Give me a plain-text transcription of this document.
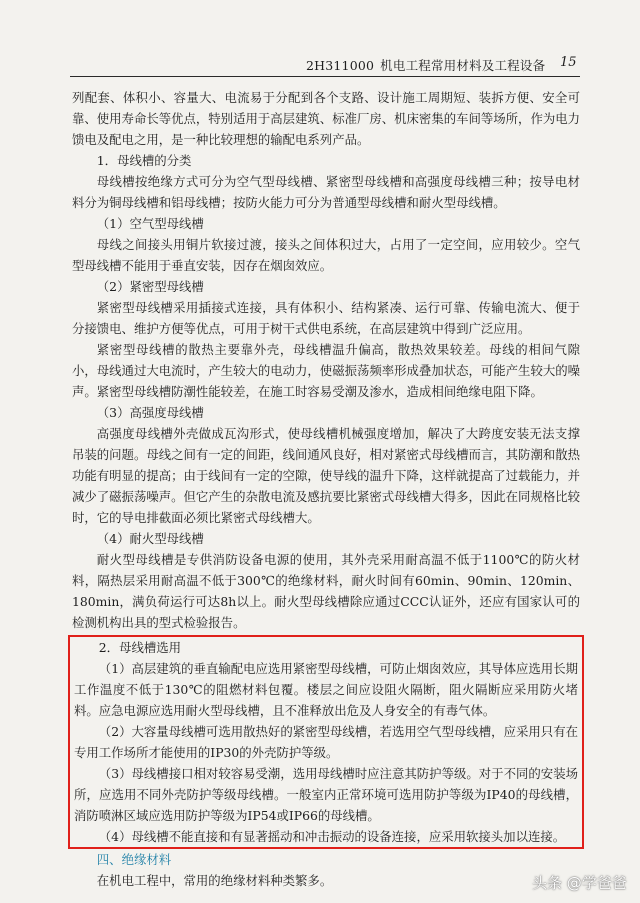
2H311000 机电工程常用材料及工程设备 15

列配套、体积小、容量大、电流易于分配到各个支路、设计施工周期短、装拆方便、安全可靠、使用寿命长等优点，特别适用于高层建筑、标准厂房、机床密集的车间等场所，作为电力馈电及配电之用，是一种比较理想的输配电系列产品。

1．母线槽的分类

母线槽按绝缘方式可分为空气型母线槽、紧密型母线槽和高强度母线槽三种；按导电材料分为铜母线槽和铝母线槽；按防火能力可分为普通型母线槽和耐火型母线槽。

（1）空气型母线槽

母线之间接头用铜片软接过渡，接头之间体积过大，占用了一定空间，应用较少。空气型母线槽不能用于垂直安装，因存在烟囱效应。

（2）紧密型母线槽

紧密型母线槽采用插接式连接，具有体积小、结构紧凑、运行可靠、传输电流大、便于分接馈电、维护方便等优点，可用于树干式供电系统，在高层建筑中得到广泛应用。

紧密型母线槽的散热主要靠外壳，母线槽温升偏高，散热效果较差。母线的相间气隙小，母线通过大电流时，产生较大的电动力，使磁振荡频率形成叠加状态，可能产生较大的噪声。紧密型母线槽防潮性能较差，在施工时容易受潮及渗水，造成相间绝缘电阻下降。

（3）高强度母线槽

高强度母线槽外壳做成瓦沟形式，使母线槽机械强度增加，解决了大跨度安装无法支撑吊装的问题。母线之间有一定的间距，线间通风良好，相对紧密式母线槽而言，其防潮和散热功能有明显的提高；由于线间有一定的空隙，使导线的温升下降，这样就提高了过载能力，并减少了磁振荡噪声。但它产生的杂散电流及感抗要比紧密式母线槽大得多，因此在同规格比较时，它的导电排截面必须比紧密式母线槽大。

（4）耐火型母线槽

耐火型母线槽是专供消防设备电源的使用，其外壳采用耐高温不低于1100℃的防火材料，隔热层采用耐高温不低于300℃的绝缘材料，耐火时间有60min、90min、120min、180min，满负荷运行可达8h以上。耐火型母线槽除应通过CCC认证外，还应有国家认可的检测机构出具的型式检验报告。

2．母线槽选用

（1）高层建筑的垂直输配电应选用紧密型母线槽，可防止烟囱效应，其导体应选用长期工作温度不低于130℃的阻燃材料包覆。楼层之间应设阻火隔断，阻火隔断应采用防火堵料。应急电源应选用耐火型母线槽，且不准释放出危及人身安全的有毒气体。

（2）大容量母线槽可选用散热好的紧密型母线槽，若选用空气型母线槽，应采用只有在专用工作场所才能使用的IP30的外壳防护等级。

（3）母线槽接口相对较容易受潮，选用母线槽时应注意其防护等级。对于不同的安装场所，应选用不同外壳防护等级母线槽。一般室内正常环境可选用防护等级为IP40的母线槽，消防喷淋区域应选用防护等级为IP54或IP66的母线槽。

（4）母线槽不能直接和有显著摇动和冲击振动的设备连接，应采用软接头加以连接。

四、绝缘材料

在机电工程中，常用的绝缘材料种类繁多。	头条 @学爸爸
